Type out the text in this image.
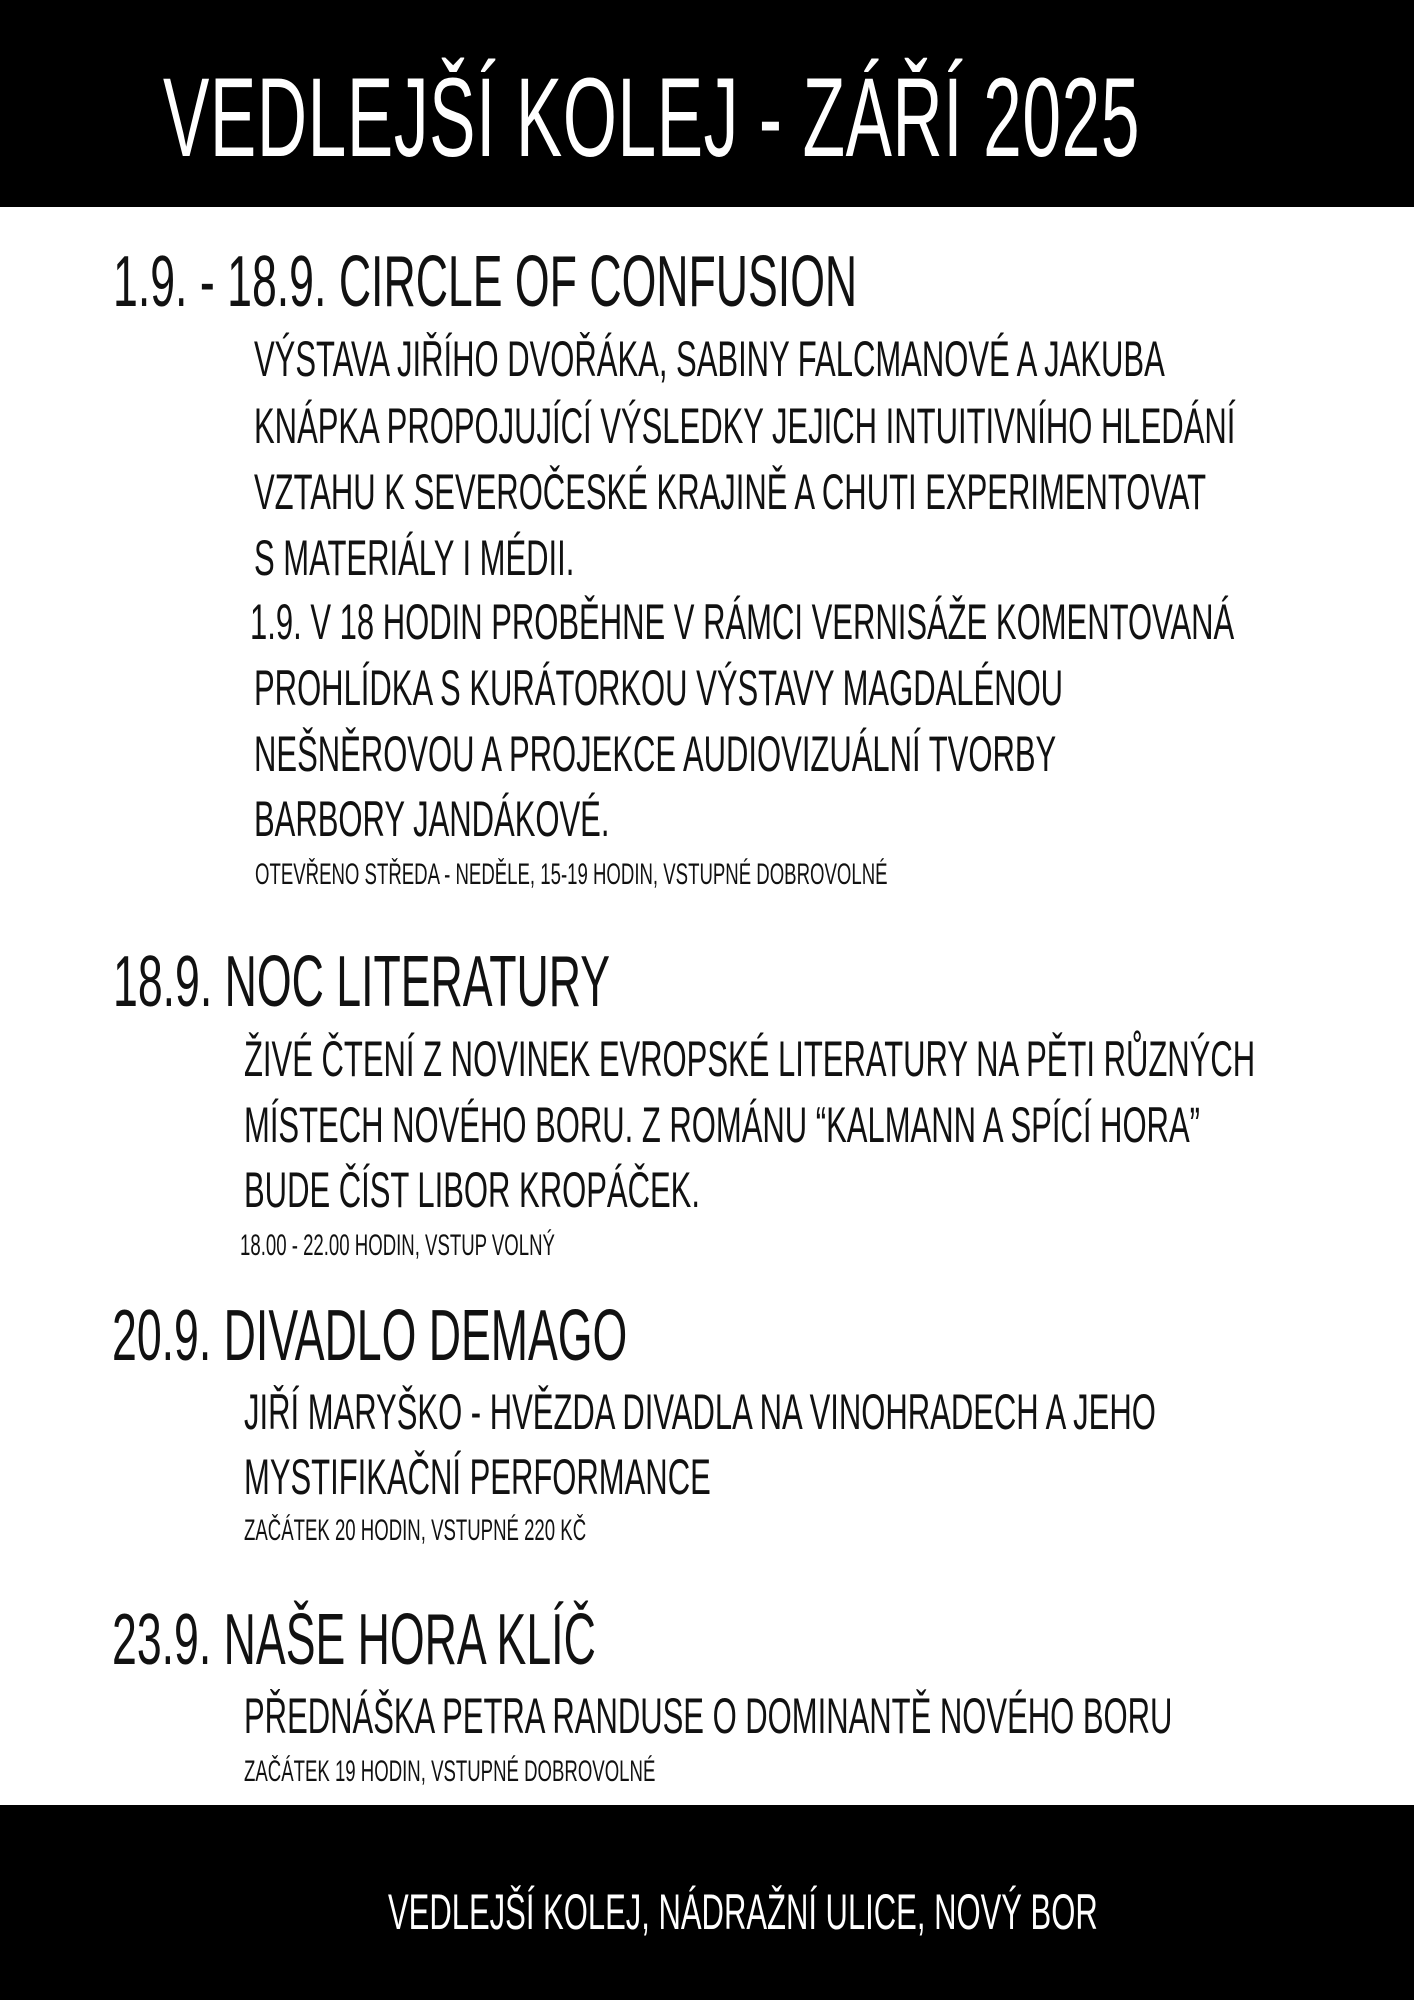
VEDLEJŠÍ KOLEJ - ZÁŘÍ 2025
1.9. - 18.9. CIRCLE OF CONFUSION
VÝSTAVA JIŘÍHO DVOŘÁKA, SABINY FALCMANOVÉ A JAKUBA
KNÁPKA PROPOJUJÍCÍ VÝSLEDKY JEJICH INTUITIVNÍHO HLEDÁNÍ
VZTAHU K SEVEROČESKÉ KRAJINĚ A CHUTI EXPERIMENTOVAT
S MATERIÁLY I MÉDII.
1.9. V 18 HODIN PROBĚHNE V RÁMCI VERNISÁŽE KOMENTOVANÁ
PROHLÍDKA S KURÁTORKOU VÝSTAVY MAGDALÉNOU
NEŠNĚROVOU A PROJEKCE AUDIOVIZUÁLNÍ TVORBY
BARBORY JANDÁKOVÉ.
OTEVŘENO STŘEDA - NEDĚLE, 15-19 HODIN, VSTUPNÉ DOBROVOLNÉ
18.9. NOC LITERATURY
ŽIVÉ ČTENÍ Z NOVINEK EVROPSKÉ LITERATURY NA PĚTI RŮZNÝCH
MÍSTECH NOVÉHO BORU. Z ROMÁNU “KALMANN A SPÍCÍ HORA”
BUDE ČÍST LIBOR KROPÁČEK.
18.00 - 22.00 HODIN, VSTUP VOLNÝ
20.9. DIVADLO DEMAGO
JIŘÍ MARYŠKO - HVĚZDA DIVADLA NA VINOHRADECH A JEHO
MYSTIFIKAČNÍ PERFORMANCE
ZAČÁTEK 20 HODIN, VSTUPNÉ 220 KČ
23.9. NAŠE HORA KLÍČ
PŘEDNÁŠKA PETRA RANDUSE O DOMINANTĚ NOVÉHO BORU
ZAČÁTEK 19 HODIN, VSTUPNÉ DOBROVOLNÉ
VEDLEJŠÍ KOLEJ, NÁDRAŽNÍ ULICE, NOVÝ BOR
